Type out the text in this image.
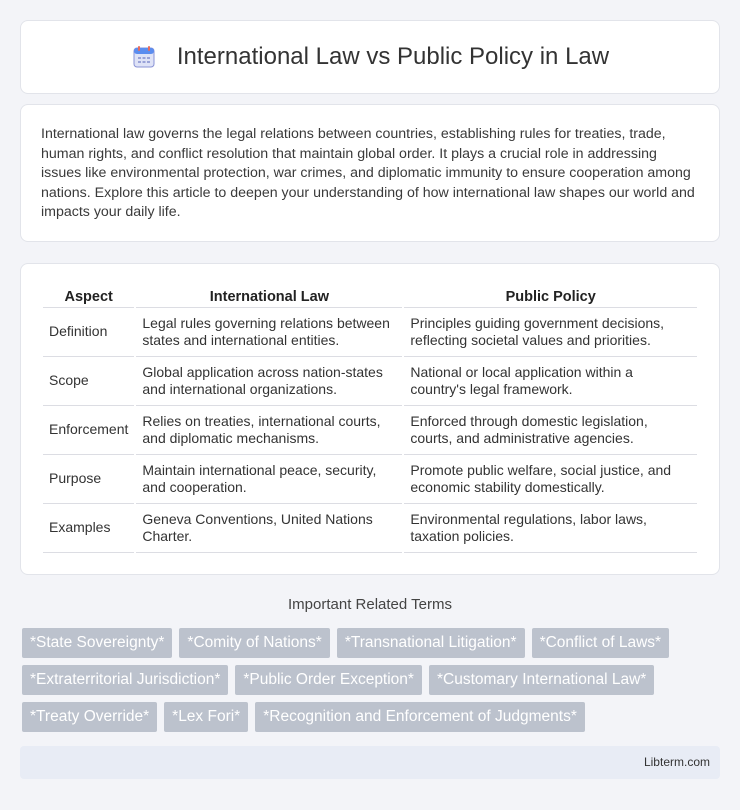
International Law vs Public Policy in Law

International law governs the legal relations between countries, establishing rules for treaties, trade, human rights, and conflict resolution that maintain global order. It plays a crucial role in addressing issues like environmental protection, war crimes, and diplomatic immunity to ensure cooperation among nations. Explore this article to deepen your understanding of how international law shapes our world and impacts your daily life.

Aspect	International Law	Public Policy
Definition	Legal rules governing relations between states and international entities.	Principles guiding government decisions, reflecting societal values and priorities.
Scope	Global application across nation-states and international organizations.	National or local application within a country's legal framework.
Enforcement	Relies on treaties, international courts, and diplomatic mechanisms.	Enforced through domestic legislation, courts, and administrative agencies.
Purpose	Maintain international peace, security, and cooperation.	Promote public welfare, social justice, and economic stability domestically.
Examples	Geneva Conventions, United Nations Charter.	Environmental regulations, labor laws, taxation policies.
Important Related Terms
*State Sovereignty*	*Comity of Nations*	*Transnational Litigation*	*Conflict of Laws*
*Extraterritorial Jurisdiction*	*Public Order Exception*	*Customary International Law*
*Treaty Override*	*Lex Fori*	*Recognition and Enforcement of Judgments*
Libterm.com
